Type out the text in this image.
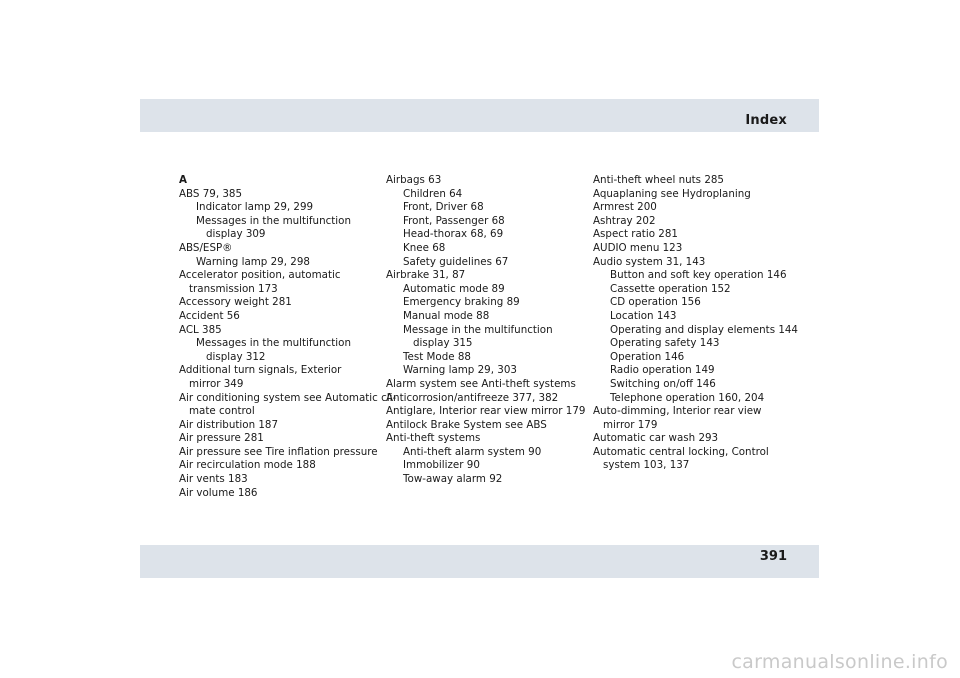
Index
A
ABS 79, 385
Indicator lamp 29, 299
Messages in the multifunction
display 309
ABS/ESP®
Warning lamp 29, 298
Accelerator position, automatic
transmission 173
Accessory weight 281
Accident 56
ACL 385
Messages in the multifunction
display 312
Additional turn signals, Exterior
mirror 349
Air conditioning system see Automatic cli-
mate control
Air distribution 187
Air pressure 281
Air pressure see Tire inflation pressure
Air recirculation mode 188
Air vents 183
Air volume 186
Airbags 63
Children 64
Front, Driver 68
Front, Passenger 68
Head-thorax 68, 69
Knee 68
Safety guidelines 67
Airbrake 31, 87
Automatic mode 89
Emergency braking 89
Manual mode 88
Message in the multifunction
display 315
Test Mode 88
Warning lamp 29, 303
Alarm system see Anti-theft systems
Anticorrosion/antifreeze 377, 382
Antiglare, Interior rear view mirror 179
Antilock Brake System see ABS
Anti-theft systems
Anti-theft alarm system 90
Immobilizer 90
Tow-away alarm 92
Anti-theft wheel nuts 285
Aquaplaning see Hydroplaning
Armrest 200
Ashtray 202
Aspect ratio 281
AUDIO menu 123
Audio system 31, 143
Button and soft key operation 146
Cassette operation 152
CD operation 156
Location 143
Operating and display elements 144
Operating safety 143
Operation 146
Radio operation 149
Switching on/off 146
Telephone operation 160, 204
Auto-dimming, Interior rear view
mirror 179
Automatic car wash 293
Automatic central locking, Control
system 103, 137
391
carmanualsonline.info
